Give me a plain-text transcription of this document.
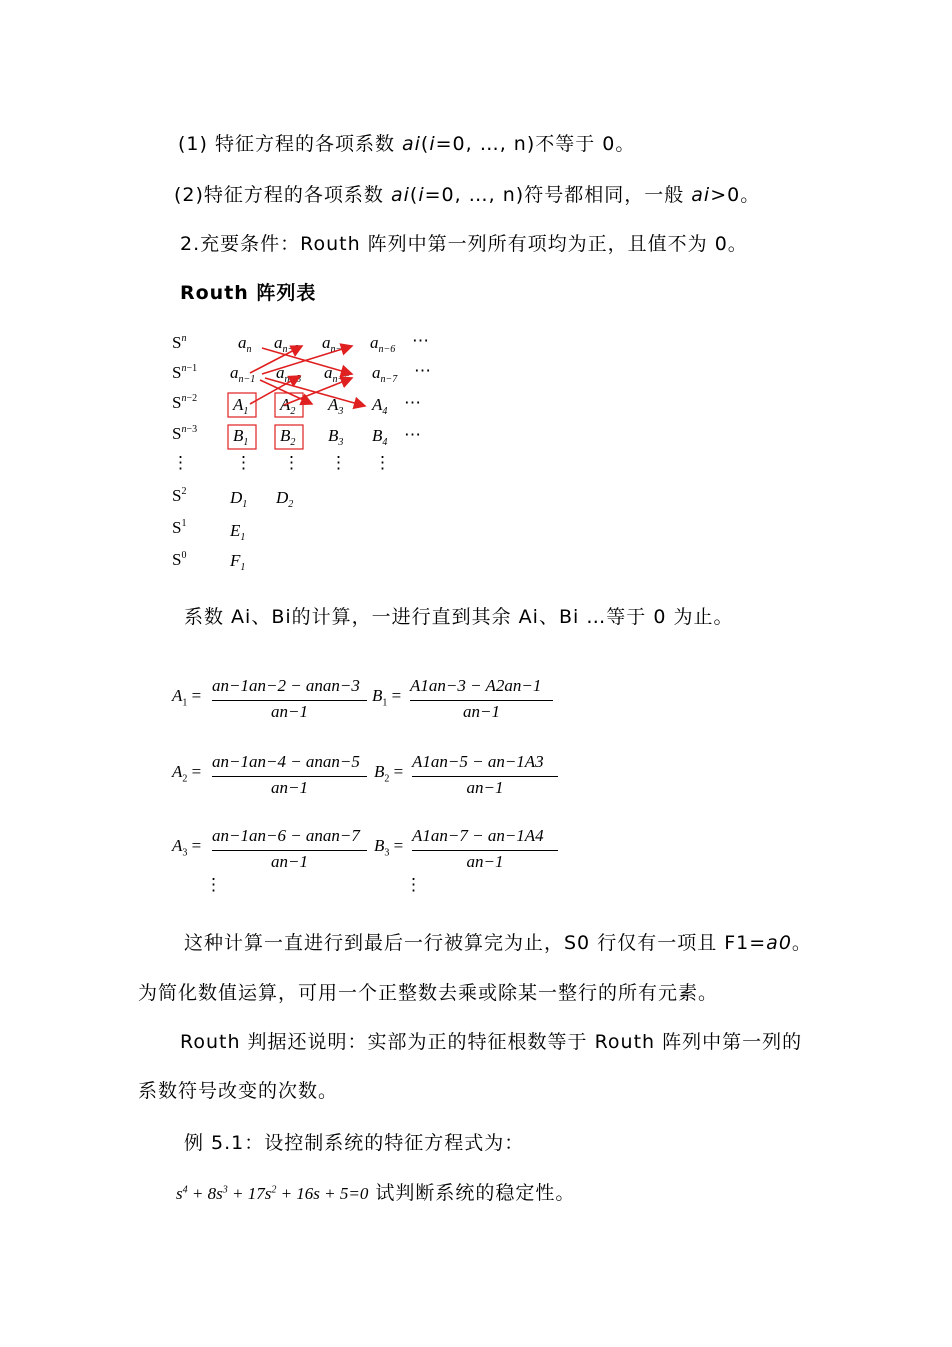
(1) 特征方程的各项系数 ai(i=0, …, n)不等于 0。
(2)特征方程的各项系数 ai(i=0, …, n)符号都相同，一般 ai>0。
2.充要条件：Routh 阵列中第一列所有项均为正，且值不为 0。
Routh 阵列表
$S^n$
$S^n-1$
$S^n-2$
$S^n-3$
⋮
$S^2$
$S^1$
$S^0$
$a_n$ $a_{n-2}$ $a_{n-4}$ $a_{n-6}$
$a_{n-1}$ $a_{n-3}$ $a_{n-5}$ $a_{n-7}$
$A_1$ $A_2$ $A_3$ $A_4$
$B_1$ $B_2$ $B_3$ $B_4$
$D_1$ $D_2$
$E_1$
$F_1$
⋯
⋯
⋯
⋯
⋮ ⋮ ⋮ ⋮
系数 Ai、Bi的计算，一进行直到其余 Ai、Bi …等于 0 为止。
$A_1$ =
an−1an−2 − anan−3
an−1
$B_1$ =
A1an−3 − A2an−1
an−1
$A_2$ =
an−1an−4 − anan−5
an−1
$B_2$ =
A1an−5 − an−1A3
an−1
$A_3$ =
an−1an−6 − anan−7
an−1
$B_3$ =
A1an−7 − an−1A4
an−1
⋮	⋮
这种计算一直进行到最后一行被算完为止，S0 行仅有一项且 F1=a0。
为简化数值运算，可用一个正整数去乘或除某一整行的所有元素。
Routh 判据还说明：实部为正的特征根数等于 Routh 阵列中第一列的
系数符号改变的次数。
例 5.1：设控制系统的特征方程式为：
$s^4 + 8s^3 + 17s^2 + 16s + 5=0$ 试判断系统的稳定性。
